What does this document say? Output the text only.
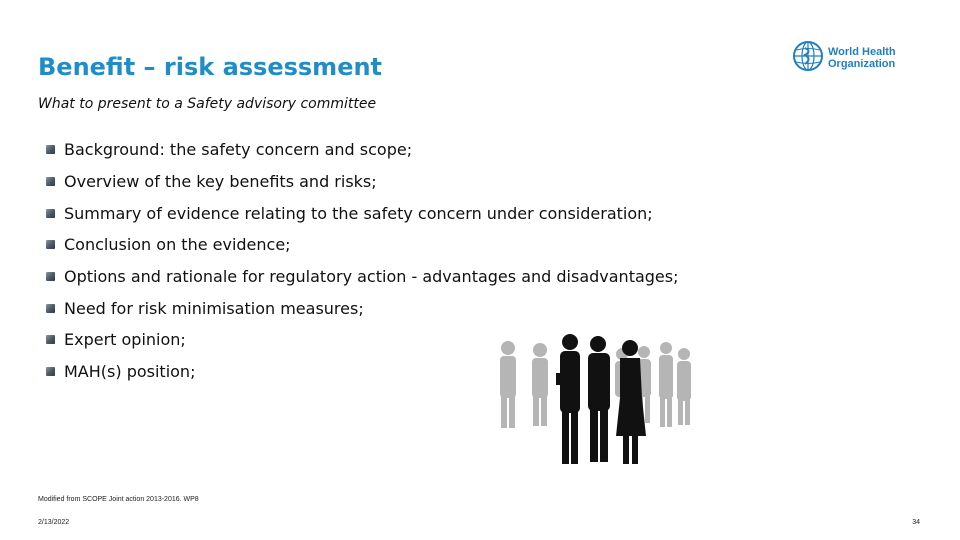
Benefit – risk assessment
What to present to a Safety advisory committee
Background: the safety concern and scope;
Overview of the key benefits and risks;
Summary of evidence relating to the safety concern under consideration;
Conclusion on the evidence;
Options and rationale for regulatory action - advantages and disadvantages;
Need for risk minimisation measures;
Expert opinion;
MAH(s) position;
World Health
Organization
Modified from SCOPE Joint action 2013-2016. WP8
2/13/2022	34
